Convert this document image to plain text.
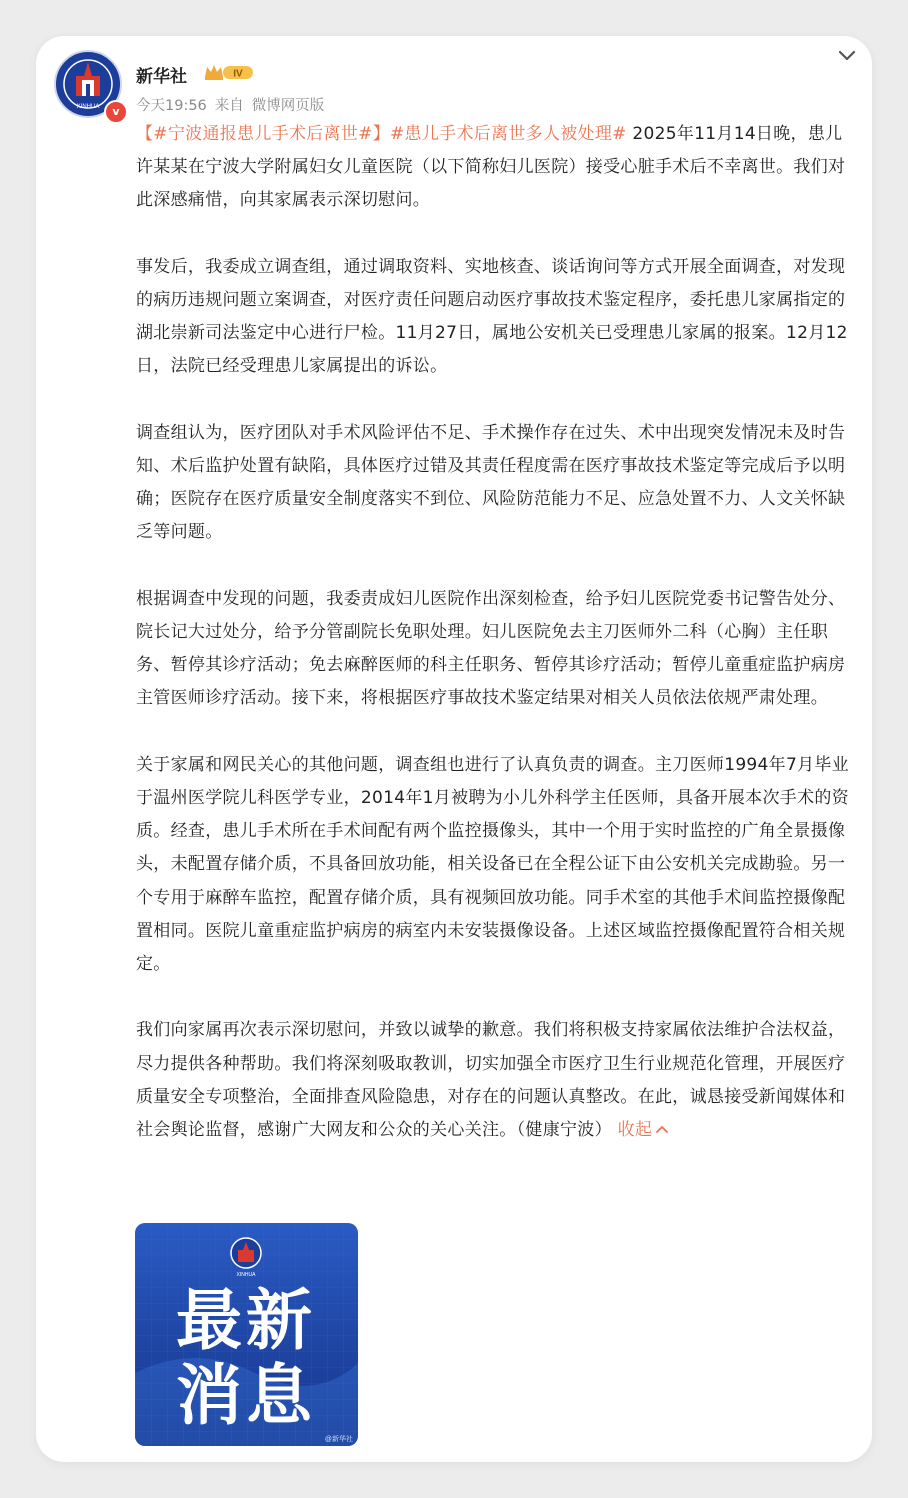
XINHUA	v
新华社	IV
今天19:56 来自 微博网页版

【#宁波通报患儿手术后离世#】#患儿手术后离世多人被处理# 2025年11月14日晚，患儿许某某在宁波大学附属妇女儿童医院（以下简称妇儿医院）接受心脏手术后不幸离世。我们对此深感痛惜，向其家属表示深切慰问。

事发后，我委成立调查组，通过调取资料、实地核查、谈话询问等方式开展全面调查，对发现的病历违规问题立案调查，对医疗责任问题启动医疗事故技术鉴定程序，委托患儿家属指定的湖北崇新司法鉴定中心进行尸检。11月27日，属地公安机关已受理患儿家属的报案。12月12日，法院已经受理患儿家属提出的诉讼。

调查组认为，医疗团队对手术风险评估不足、手术操作存在过失、术中出现突发情况未及时告知、术后监护处置有缺陷，具体医疗过错及其责任程度需在医疗事故技术鉴定等完成后予以明确；医院存在医疗质量安全制度落实不到位、风险防范能力不足、应急处置不力、人文关怀缺乏等问题。

根据调查中发现的问题，我委责成妇儿医院作出深刻检查，给予妇儿医院党委书记警告处分、院长记大过处分，给予分管副院长免职处理。妇儿医院免去主刀医师外二科（心胸）主任职务、暂停其诊疗活动；免去麻醉医师的科主任职务、暂停其诊疗活动；暂停儿童重症监护病房主管医师诊疗活动。接下来，将根据医疗事故技术鉴定结果对相关人员依法依规严肃处理。

关于家属和网民关心的其他问题，调查组也进行了认真负责的调查。主刀医师1994年7月毕业于温州医学院儿科医学专业，2014年1月被聘为小儿外科学主任医师，具备开展本次手术的资质。经查，患儿手术所在手术间配有两个监控摄像头，其中一个用于实时监控的广角全景摄像头，未配置存储介质，不具备回放功能，相关设备已在全程公证下由公安机关完成勘验。另一个专用于麻醉车监控，配置存储介质，具有视频回放功能。同手术室的其他手术间监控摄像配置相同。医院儿童重症监护病房的病室内未安装摄像设备。上述区域监控摄像配置符合相关规定。

我们向家属再次表示深切慰问，并致以诚挚的歉意。我们将积极支持家属依法维护合法权益，尽力提供各种帮助。我们将深刻吸取教训，切实加强全市医疗卫生行业规范化管理，开展医疗质量安全专项整治，全面排查风险隐患，对存在的问题认真整改。在此，诚恳接受新闻媒体和社会舆论监督，感谢广大网友和公众的关心关注。（健康宁波） 收起

XINHUA
最新
消息
@新华社
